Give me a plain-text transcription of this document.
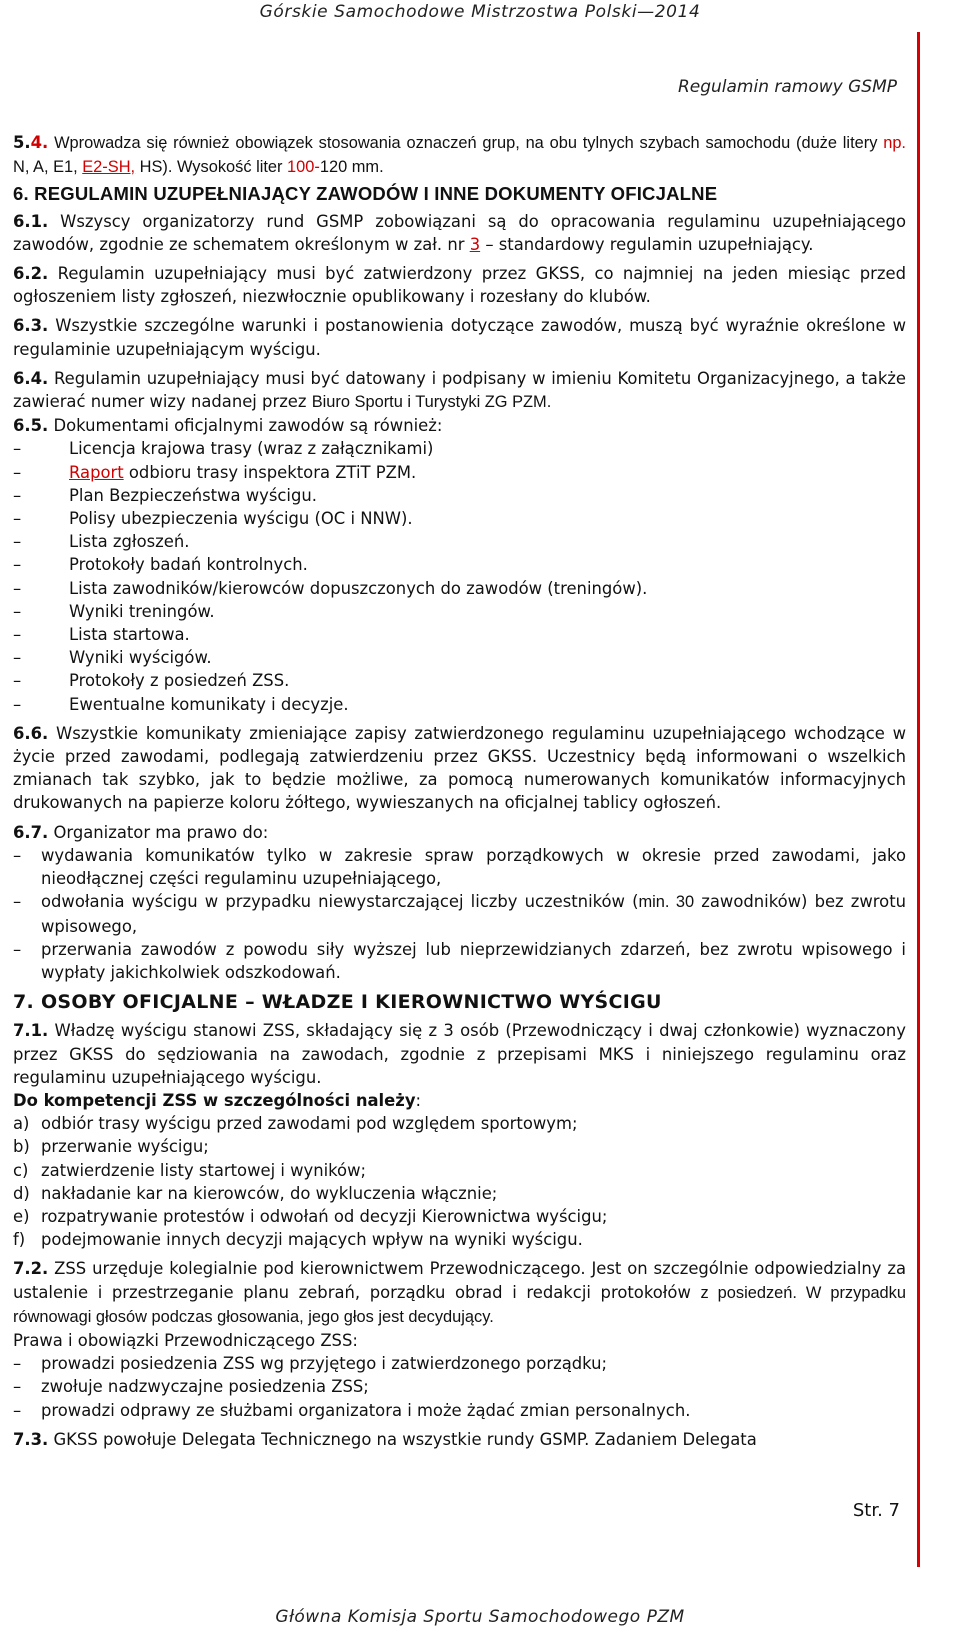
Górskie Samochodowe Mistrzostwa Polski—2014
Regulamin ramowy GSMP

5.4. Wprowadza się również obowiązek stosowania oznaczeń grup, na obu tylnych szybach samochodu (duże litery np. N, A, E1, E2-SH, HS). Wysokość liter 100-120 mm.

6. REGULAMIN UZUPEŁNIAJĄCY ZAWODÓW I INNE DOKUMENTY OFICJALNE

6.1. Wszyscy organizatorzy rund GSMP zobowiązani są do opracowania regulaminu uzupełniającego zawodów, zgodnie ze schematem określonym w zał. nr 3 – standardowy regulamin uzupełniający.

6.2. Regulamin uzupełniający musi być zatwierdzony przez GKSS, co najmniej na jeden miesiąc przed ogłoszeniem listy zgłoszeń, niezwłocznie opublikowany i rozesłany do klubów.

6.3. Wszystkie szczególne warunki i postanowienia dotyczące zawodów, muszą być wyraźnie określone w regulaminie uzupełniającym wyścigu.

6.4. Regulamin uzupełniający musi być datowany i podpisany w imieniu Komitetu Organizacyjnego, a także zawierać numer wizy nadanej przez Biuro Sportu i Turystyki ZG PZM.

6.5. Dokumentami oficjalnymi zawodów są również:

– Licencja krajowa trasy (wraz z załącznikami)
– Raport odbioru trasy inspektora ZTiT PZM.
– Plan Bezpieczeństwa wyścigu.
– Polisy ubezpieczenia wyścigu (OC i NNW).
– Lista zgłoszeń.
– Protokoły badań kontrolnych.
– Lista zawodników/kierowców dopuszczonych do zawodów (treningów).
– Wyniki treningów.
– Lista startowa.
– Wyniki wyścigów.
– Protokoły z posiedzeń ZSS.
– Ewentualne komunikaty i decyzje.

6.6. Wszystkie komunikaty zmieniające zapisy zatwierdzonego regulaminu uzupełniającego wchodzące w życie przed zawodami, podlegają zatwierdzeniu przez GKSS. Uczestnicy będą informowani o wszelkich zmianach tak szybko, jak to będzie możliwe, za pomocą numerowanych komunikatów informacyjnych drukowanych na papierze koloru żółtego, wywieszanych na oficjalnej tablicy ogłoszeń.

6.7. Organizator ma prawo do:

– wydawania komunikatów tylko w zakresie spraw porządkowych w okresie przed zawodami, jako nieodłącznej części regulaminu uzupełniającego,
– odwołania wyścigu w przypadku niewystarczającej liczby uczestników (min. 30 zawodników) bez zwrotu wpisowego,
– przerwania zawodów z powodu siły wyższej lub nieprzewidzianych zdarzeń, bez zwrotu wpisowego i wypłaty jakichkolwiek odszkodowań.

7. OSOBY OFICJALNE – WŁADZE I KIEROWNICTWO WYŚCIGU

7.1. Władzę wyścigu stanowi ZSS, składający się z 3 osób (Przewodniczący i dwaj członkowie) wyznaczony przez GKSS do sędziowania na zawodach, zgodnie z przepisami MKS i niniejszego regulaminu oraz regulaminu uzupełniającego wyścigu.

Do kompetencji ZSS w szczególności należy:

a) odbiór trasy wyścigu przed zawodami pod względem sportowym;
b) przerwanie wyścigu;
c) zatwierdzenie listy startowej i wyników;
d) nakładanie kar na kierowców, do wykluczenia włącznie;
e) rozpatrywanie protestów i odwołań od decyzji Kierownictwa wyścigu;
f) podejmowanie innych decyzji mających wpływ na wyniki wyścigu.

7.2. ZSS urzęduje kolegialnie pod kierownictwem Przewodniczącego. Jest on szczególnie odpowiedzialny za ustalenie i przestrzeganie planu zebrań, porządku obrad i redakcji protokołów z posiedzeń. W przypadku równowagi głosów podczas głosowania, jego głos jest decydujący.

Prawa i obowiązki Przewodniczącego ZSS:

– prowadzi posiedzenia ZSS wg przyjętego i zatwierdzonego porządku;
– zwołuje nadzwyczajne posiedzenia ZSS;
– prowadzi odprawy ze służbami organizatora i może żądać zmian personalnych.

7.3. GKSS powołuje Delegata Technicznego na wszystkie rundy GSMP. Zadaniem Delegata

Str. 7
Główna Komisja Sportu Samochodowego PZM
